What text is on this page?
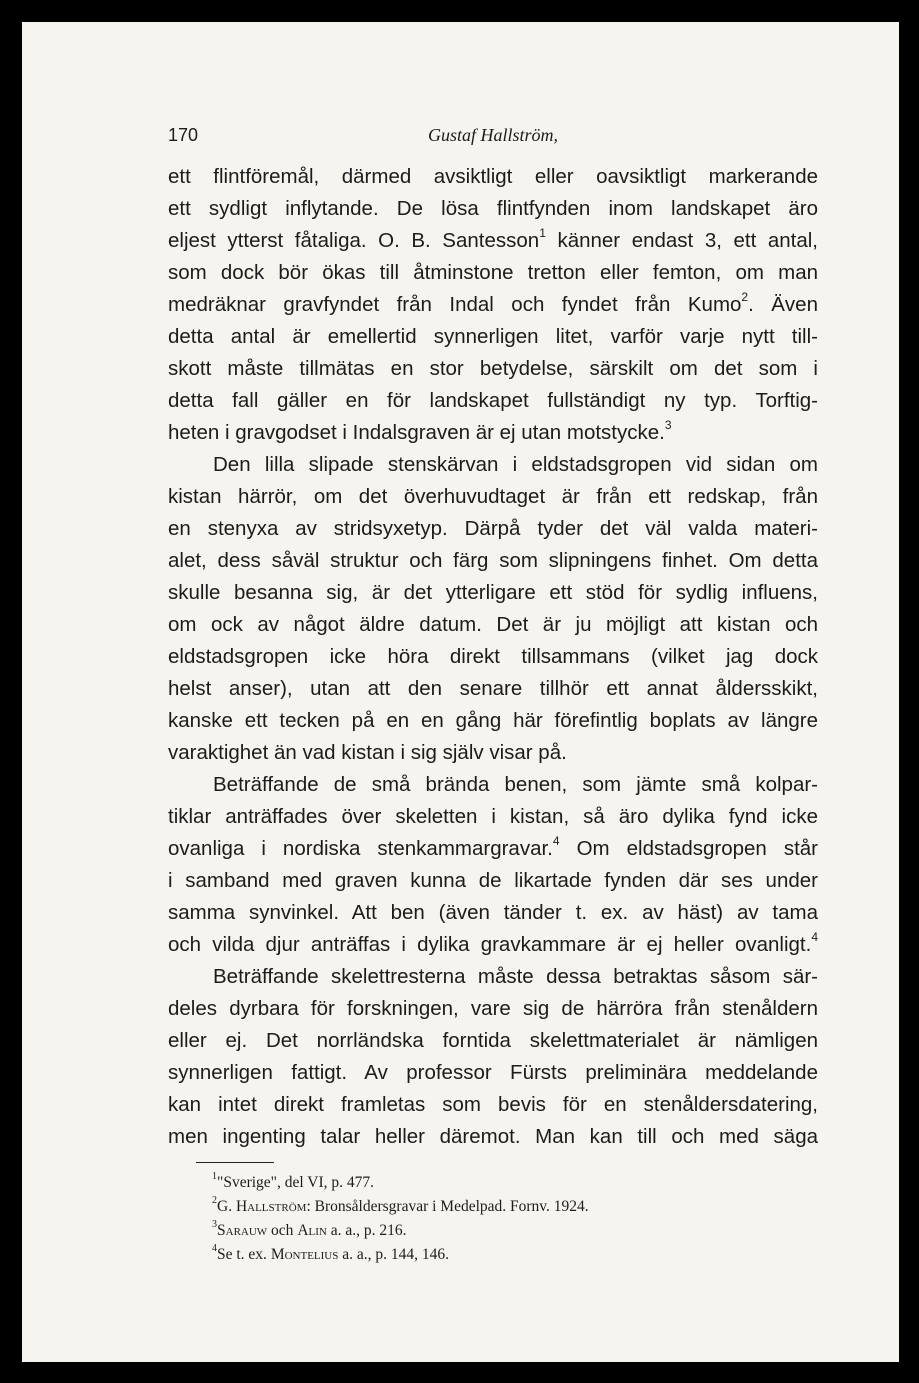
170	Gustaf Hallström,
ett flintföremål, därmed avsiktligt eller oavsiktligt markerande
ett sydligt inflytande. De lösa flintfynden inom landskapet äro
eljest ytterst fåtaliga. O. B. Santesson$^1$ känner endast 3, ett antal,
som dock bör ökas till åtminstone tretton eller femton, om man
medräknar gravfyndet från Indal och fyndet från Kumo$^2$. Även
detta antal är emellertid synnerligen litet, varför varje nytt till-
skott måste tillmätas en stor betydelse, särskilt om det som i
detta fall gäller en för landskapet fullständigt ny typ. Torftig-
heten i gravgodset i Indalsgraven är ej utan motstycke.$^3$
Den lilla slipade stenskärvan i eldstadsgropen vid sidan om
kistan härrör, om det överhuvudtaget är från ett redskap, från
en stenyxa av stridsyxetyp. Därpå tyder det väl valda materi-
alet, dess såväl struktur och färg som slipningens finhet. Om detta
skulle besanna sig, är det ytterligare ett stöd för sydlig influens,
om ock av något äldre datum. Det är ju möjligt att kistan och
eldstadsgropen icke höra direkt tillsammans (vilket jag dock
helst anser), utan att den senare tillhör ett annat åldersskikt,
kanske ett tecken på en en gång här förefintlig boplats av längre
varaktighet än vad kistan i sig själv visar på.
Beträffande de små brända benen, som jämte små kolpar-
tiklar anträffades över skeletten i kistan, så äro dylika fynd icke
ovanliga i nordiska stenkammargravar.$^4$ Om eldstadsgropen står
i samband med graven kunna de likartade fynden där ses under
samma synvinkel. Att ben (även tänder t. ex. av häst) av tama
och vilda djur anträffas i dylika gravkammare är ej heller ovanligt.$^4$
Beträffande skelettresterna måste dessa betraktas såsom sär-
deles dyrbara för forskningen, vare sig de härröra från stenåldern
eller ej. Det norrländska forntida skelettmaterialet är nämligen
synnerligen fattigt. Av professor Fürsts preliminära meddelande
kan intet direkt framletas som bevis för en stenåldersdatering,
men ingenting talar heller däremot. Man kan till och med säga
$^1$"Sverige", del VI, p. 477.
$^2$G. Hallström: Bronsåldersgravar i Medelpad. Fornv. 1924.
$^3$Sarauw och Alin a. a., p. 216.
$^4$Se t. ex. Montelius a. a., p. 144, 146.
